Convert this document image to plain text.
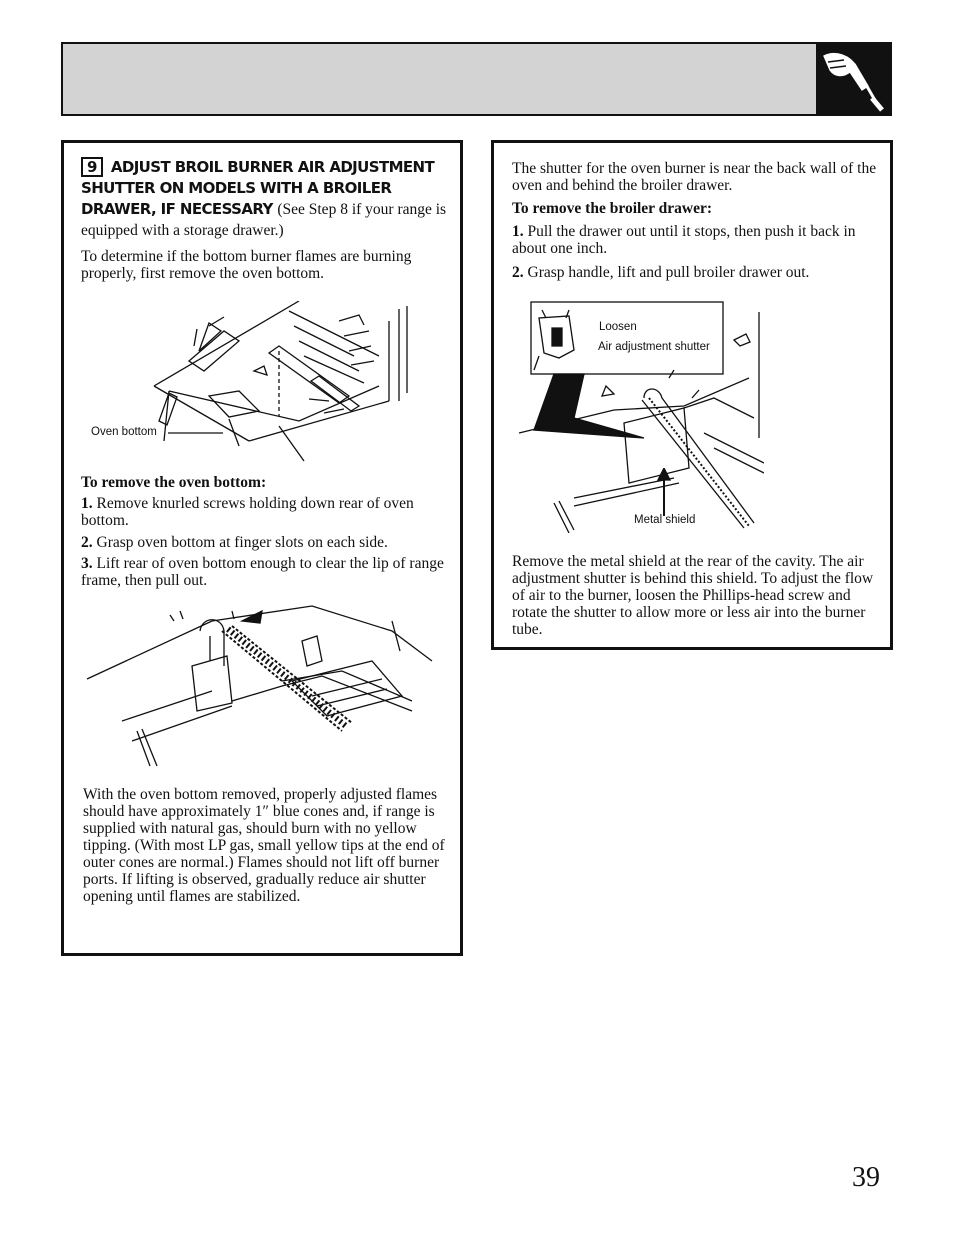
9 ADJUST BROIL BURNER AIR ADJUSTMENT SHUTTER ON MODELS WITH A BROILER DRAWER, IF NECESSARY (See Step 8 if your range is equipped with a storage drawer.)
To determine if the bottom burner flames are burning properly, first remove the oven bottom.
Oven bottom
To remove the oven bottom:
1. Remove knurled screws holding down rear of oven bottom.
2. Grasp oven bottom at finger slots on each side.
3. Lift rear of oven bottom enough to clear the lip of range frame, then pull out.
With the oven bottom removed, properly adjusted flames should have approximately 1″ blue cones and, if range is supplied with natural gas, should burn with no yellow tipping. (With most LP gas, small yellow tips at the end of outer cones are normal.) Flames should not lift off burner ports. If lifting is observed, gradually reduce air shutter opening until flames are stabilized.
The shutter for the oven burner is near the back wall of the oven and behind the broiler drawer.
To remove the broiler drawer:
1. Pull the drawer out until it stops, then push it back in about one inch.
2. Grasp handle, lift and pull broiler drawer out.
Loosen
Air adjustment shutter
Metal shield
Remove the metal shield at the rear of the cavity. The air adjustment shutter is behind this shield. To adjust the flow of air to the burner, loosen the Phillips-head screw and rotate the shutter to allow more or less air into the burner tube.
39
